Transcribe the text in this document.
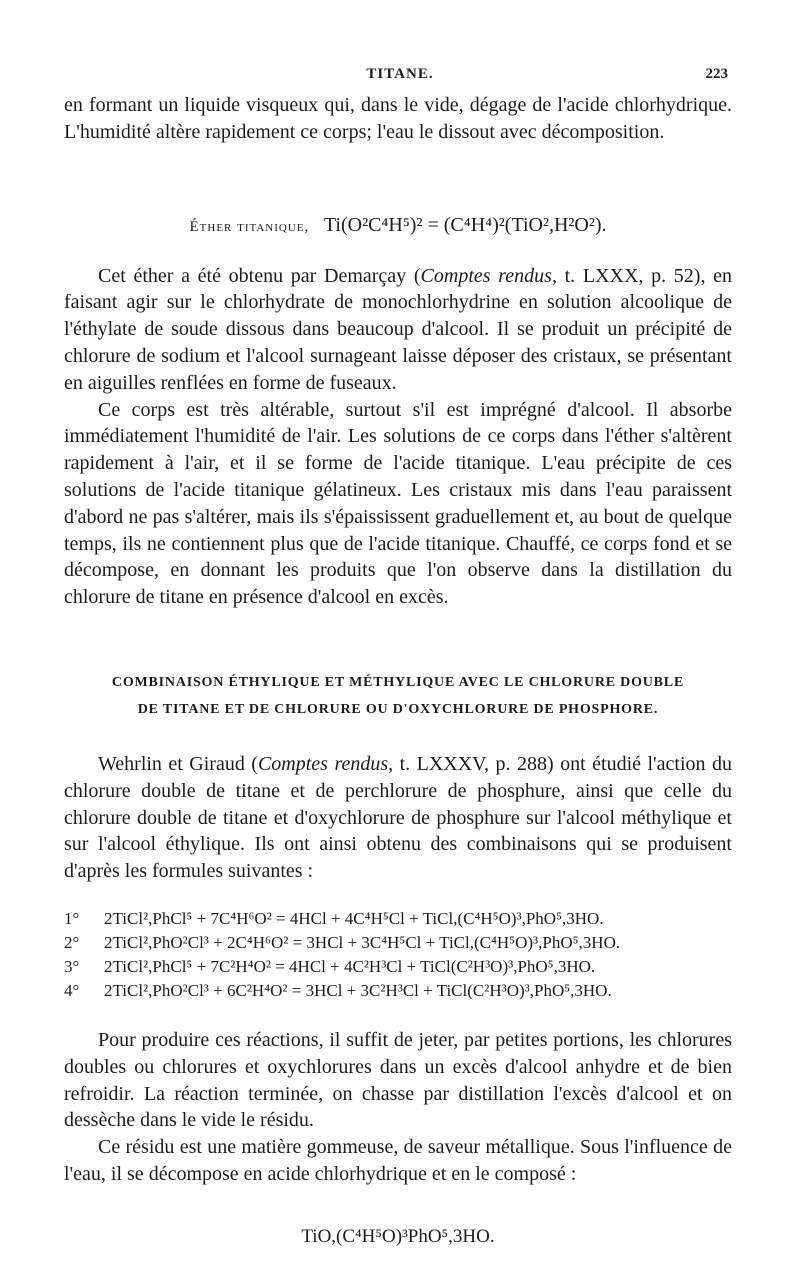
TITANE.	223

en formant un liquide visqueux qui, dans le vide, dégage de l'acide chlorhydrique. L'humidité altère rapidement ce corps; l'eau le dissout avec décomposition.

Éther titanique, Ti(O²C⁴H⁵)² = (C⁴H⁴)²(TiO²,H²O²).

Cet éther a été obtenu par Demarçay (Comptes rendus, t. LXXX, p. 52), en faisant agir sur le chlorhydrate de monochlorhydrine en solution alcoolique de l'éthylate de soude dissous dans beaucoup d'alcool. Il se produit un précipité de chlorure de sodium et l'alcool surnageant laisse déposer des cristaux, se présentant en aiguilles renflées en forme de fuseaux.

Ce corps est très altérable, surtout s'il est imprégné d'alcool. Il absorbe immédiatement l'humidité de l'air. Les solutions de ce corps dans l'éther s'altèrent rapidement à l'air, et il se forme de l'acide titanique. L'eau précipite de ces solutions de l'acide titanique gélatineux. Les cristaux mis dans l'eau paraissent d'abord ne pas s'altérer, mais ils s'épaississent graduellement et, au bout de quelque temps, ils ne contiennent plus que de l'acide titanique. Chauffé, ce corps fond et se décompose, en donnant les produits que l'on observe dans la distillation du chlorure de titane en présence d'alcool en excès.

COMBINAISON ÉTHYLIQUE ET MÉTHYLIQUE AVEC LE CHLORURE DOUBLE
DE TITANE ET DE CHLORURE OU D'OXYCHLORURE DE PHOSPHORE.

Wehrlin et Giraud (Comptes rendus, t. LXXXV, p. 288) ont étudié l'action du chlorure double de titane et de perchlorure de phosphure, ainsi que celle du chlorure double de titane et d'oxychlorure de phosphure sur l'alcool méthylique et sur l'alcool éthylique. Ils ont ainsi obtenu des combinaisons qui se produisent d'après les formules suivantes :

1°	2TiCl²,PhCl⁵ + 7C⁴H⁶O² = 4HCl + 4C⁴H⁵Cl + TiCl,(C⁴H⁵O)³,PhO⁵,3HO.
2°	2TiCl²,PhO²Cl³ + 2C⁴H⁶O² = 3HCl + 3C⁴H⁵Cl + TiCl,(C⁴H⁵O)³,PhO⁵,3HO.
3°	2TiCl²,PhCl⁵ + 7C²H⁴O² = 4HCl + 4C²H³Cl + TiCl(C²H³O)³,PhO⁵,3HO.
4°	2TiCl²,PhO²Cl³ + 6C²H⁴O² = 3HCl + 3C²H³Cl + TiCl(C²H³O)³,PhO⁵,3HO.

Pour produire ces réactions, il suffit de jeter, par petites portions, les chlorures doubles ou chlorures et oxychlorures dans un excès d'alcool anhydre et de bien refroidir. La réaction terminée, on chasse par distillation l'excès d'alcool et on dessèche dans le vide le résidu.

Ce résidu est une matière gommeuse, de saveur métallique. Sous l'influence de l'eau, il se décompose en acide chlorhydrique et en le composé :

TiO,(C⁴H⁵O)³PhO⁵,3HO.
